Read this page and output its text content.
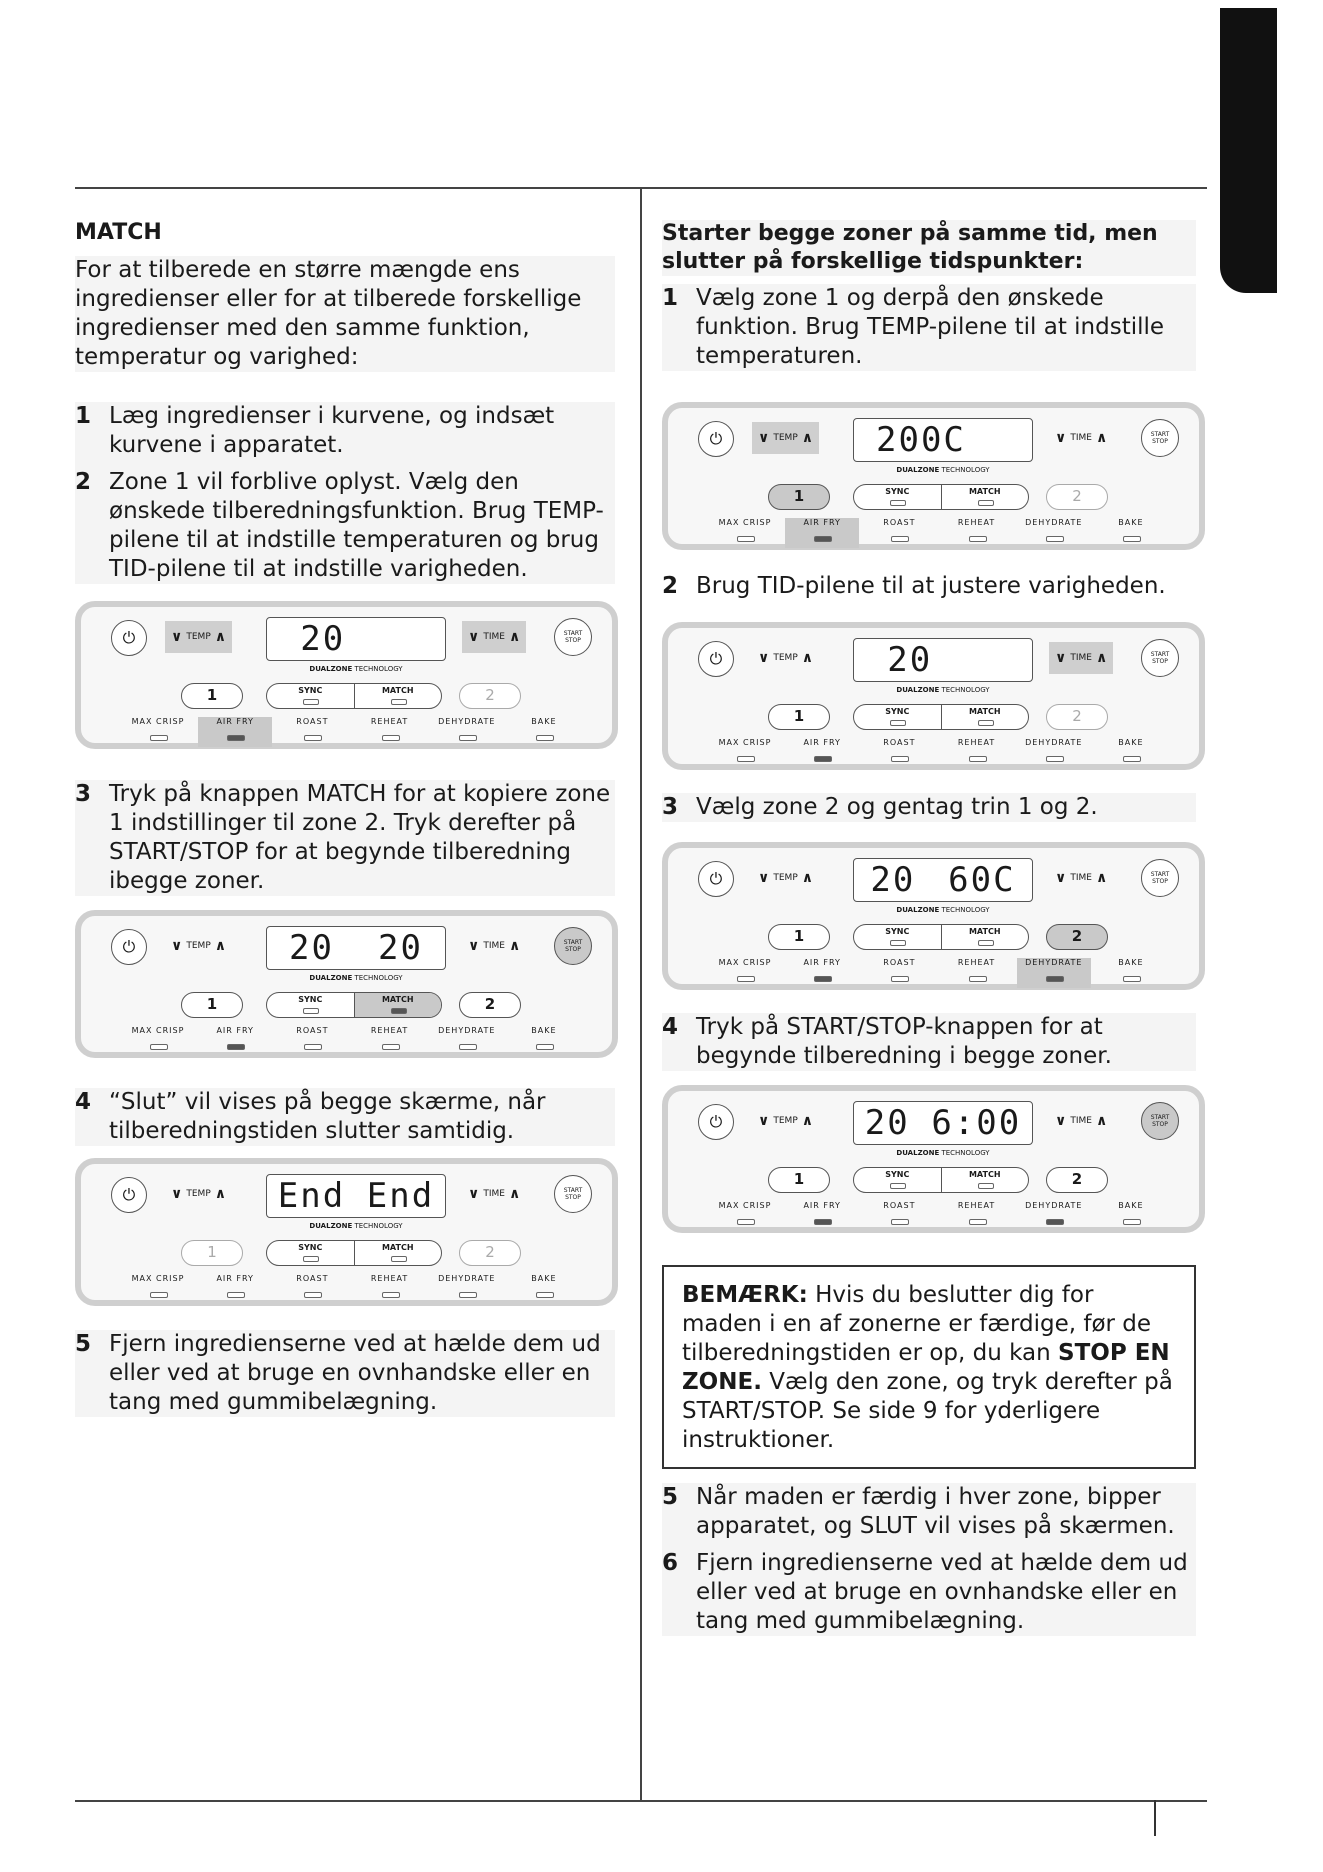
MATCH
For at tilberede en større mængde ens ingredienser eller for at tilberede forskellige ingredienser med den samme funktion, temperatur og varighed:
1 Læg ingredienser i kurvene, og indsæt kurvene i apparatet.
2 Zone 1 vil forblive oplyst. Vælg den ønskede tilberedningsfunktion. Brug TEMP-pilene til at indstille temperaturen og brug TID-pilene til at indstille varigheden.
⏻	∨ TEMP ∧ 20	∨ TIME ∧	START
STOP
DUALZONE TECHNOLOGY
1	SYNC	MATCH	2
MAX CRISP	AIR FRY	ROAST	REHEAT	DEHYDRATE	BAKE
3 Tryk på knappen MATCH for at kopiere zone 1 indstillinger til zone 2. Tryk derefter på START/STOP for at begynde tilberedning ibegge zoner.
⏻	∨ TEMP ∧ 20 20	∨ TIME ∧	START
STOP
DUALZONE TECHNOLOGY
1	SYNC	MATCH	2
MAX CRISP	AIR FRY	ROAST	REHEAT	DEHYDRATE	BAKE
4 “Slut” vil vises på begge skærme, når tilberedningstiden slutter samtidig.
⏻	∨ TEMP ∧ End End ∨ TIME ∧	START
STOP
DUALZONE TECHNOLOGY
1	SYNC	MATCH	2
MAX CRISP	AIR FRY	ROAST	REHEAT	DEHYDRATE	BAKE
5 Fjern ingredienserne ved at hælde dem ud eller ved at bruge en ovnhandske eller en tang med gummibelægning.
Starter begge zoner på samme tid, men slutter på forskellige tidspunkter:
1 Vælg zone 1 og derpå den ønskede funktion. Brug TEMP-pilene til at indstille temperaturen.
⏻	∨ TEMP ∧ 200C	∨ TIME ∧	START
STOP
DUALZONE TECHNOLOGY
1	SYNC	MATCH	2
MAX CRISP	AIR FRY	ROAST	REHEAT	DEHYDRATE	BAKE
2 Brug TID-pilene til at justere varigheden.
⏻	∨ TEMP ∧ 20	∨ TIME ∧	START
STOP
DUALZONE TECHNOLOGY
1	SYNC	MATCH	2
MAX CRISP	AIR FRY	ROAST	REHEAT	DEHYDRATE	BAKE
3 Vælg zone 2 og gentag trin 1 og 2.
⏻	∨ TEMP ∧ 20 60C	∨ TIME ∧	START
STOP
DUALZONE TECHNOLOGY
1	SYNC	MATCH	2
MAX CRISP	AIR FRY	ROAST	REHEAT	DEHYDRATE	BAKE
4 Tryk på START/STOP-knappen for at begynde tilberedning i begge zoner.
⏻	∨ TEMP ∧ 20 6:00 ∨ TIME ∧	START
STOP
DUALZONE TECHNOLOGY
1	SYNC	MATCH	2
MAX CRISP	AIR FRY	ROAST	REHEAT	DEHYDRATE	BAKE
BEMÆRK: Hvis du beslutter dig for maden i en af zonerne er færdige, før de tilberedningstiden er op, du kan STOP EN ZONE. Vælg den zone, og tryk derefter på START/STOP. Se side 9 for yderligere instruktioner.
5 Når maden er færdig i hver zone, bipper apparatet, og SLUT vil vises på skærmen.
6 Fjern ingredienserne ved at hælde dem ud eller ved at bruge en ovnhandske eller en tang med gummibelægning.
